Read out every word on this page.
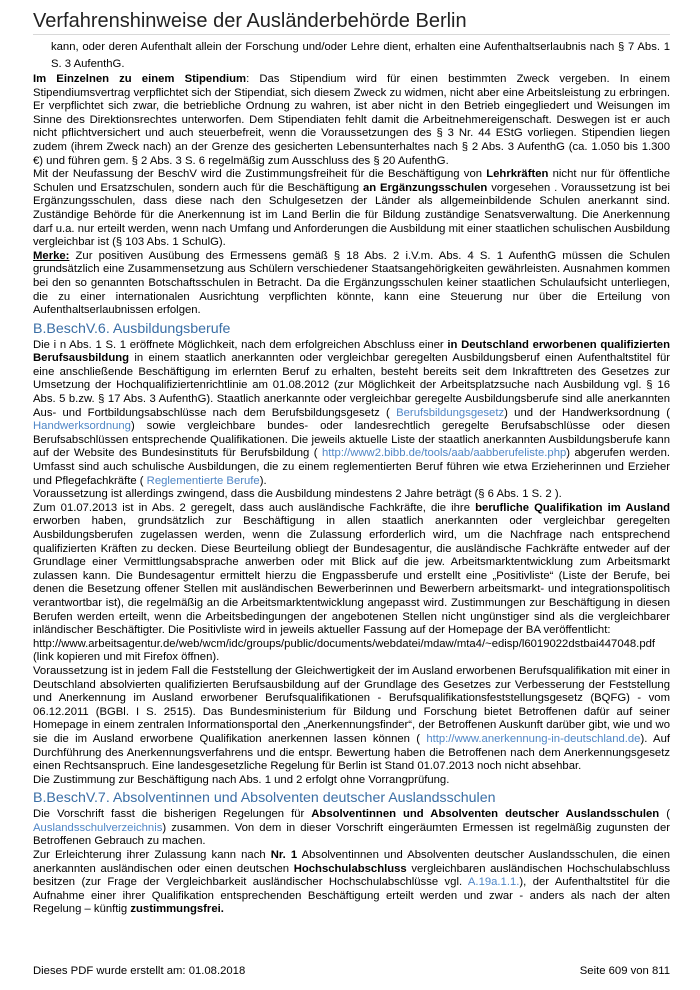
Verfahrenshinweise der Ausländerbehörde Berlin

kann, oder deren Aufenthalt allein der Forschung und/oder Lehre dient, erhalten eine Aufenthaltserlaubnis nach § 7 Abs. 1 S. 3 AufenthG.

Im Einzelnen zu einem Stipendium: Das Stipendium wird für einen bestimmten Zweck vergeben. In einem Stipendiumsvertrag verpflichtet sich der Stipendiat, sich diesem Zweck zu widmen, nicht aber eine Arbeitsleistung zu erbringen. Er verpflichtet sich zwar, die betriebliche Ordnung zu wahren, ist aber nicht in den Betrieb eingegliedert und Weisungen im Sinne des Direktionsrechtes unterworfen. Dem Stipendiaten fehlt damit die Arbeitnehmereigenschaft. Deswegen ist er auch nicht pflichtversichert und auch steuerbefreit, wenn die Voraussetzungen des § 3 Nr. 44 EStG vorliegen. Stipendien liegen zudem (ihrem Zweck nach) an der Grenze des gesicherten Lebensunterhaltes nach § 2 Abs. 3 AufenthG (ca. 1.050 bis 1.300 €) und führen gem. § 2 Abs. 3 S. 6 regelmäßig zum Ausschluss des § 20 AufenthG.

Mit der Neufassung der BeschV wird die Zustimmungsfreiheit für die Beschäftigung von Lehrkräften nicht nur für öffentliche Schulen und Ersatzschulen, sondern auch für die Beschäftigung an Ergänzungsschulen vorgesehen . Voraussetzung ist bei Ergänzungsschulen, dass diese nach den Schulgesetzen der Länder als allgemeinbildende Schulen anerkannt sind. Zuständige Behörde für die Anerkennung ist im Land Berlin die für Bildung zuständige Senatsverwaltung. Die Anerkennung darf u.a. nur erteilt werden, wenn nach Umfang und Anforderungen die Ausbildung mit einer staatlichen schulischen Ausbildung vergleichbar ist (§ 103 Abs. 1 SchulG).

Merke: Zur positiven Ausübung des Ermessens gemäß § 18 Abs. 2 i.V.m. Abs. 4 S. 1 AufenthG müssen die Schulen grundsätzlich eine Zusammensetzung aus Schülern verschiedener Staatsangehörigkeiten gewährleisten. Ausnahmen kommen bei den so genannten Botschaftsschulen in Betracht. Da die Ergänzungsschulen keiner staatlichen Schulaufsicht unterliegen, die zu einer internationalen Ausrichtung verpflichten könnte, kann eine Steuerung nur über die Erteilung von Aufenthaltserlaubnissen erfolgen.

B.BeschV.6. Ausbildungsberufe

Die i n Abs. 1 S. 1 eröffnete Möglichkeit, nach dem erfolgreichen Abschluss einer in Deutschland erworbenen qualifizierten Berufsausbildung in einem staatlich anerkannten oder vergleichbar geregelten Ausbildungsberuf einen Aufenthaltstitel für eine anschließende Beschäftigung im erlernten Beruf zu erhalten, besteht bereits seit dem Inkrafttreten des Gesetzes zur Umsetzung der Hochqualifiziertenrichtlinie am 01.08.2012 (zur Möglichkeit der Arbeitsplatzsuche nach Ausbildung vgl. § 16 Abs. 5 b.zw. § 17 Abs. 3 AufenthG). Staatlich anerkannte oder vergleichbar geregelte Ausbildungsberufe sind alle anerkannten Aus- und Fortbildungsabschlüsse nach dem Berufsbildungsgesetz ( Berufsbildungsgesetz) und der Handwerksordnung ( Handwerksordnung) sowie vergleichbare bundes- oder landesrechtlich geregelte Berufsabschlüsse oder diesen Berufsabschlüssen entsprechende Qualifikationen. Die jeweils aktuelle Liste der staatlich anerkannten Ausbildungsberufe kann auf der Website des Bundesinstituts für Berufsbildung ( http://www2.bibb.de/tools/aab/aabberufeliste.php) abgerufen werden. Umfasst sind auch schulische Ausbildungen, die zu einem reglementierten Beruf führen wie etwa Erzieherinnen und Erzieher und Pflegefachkräfte ( Reglementierte Berufe).

Voraussetzung ist allerdings zwingend, dass die Ausbildung mindestens 2 Jahre beträgt (§ 6 Abs. 1 S. 2 ).

Zum 01.07.2013 ist in Abs. 2 geregelt, dass auch ausländische Fachkräfte, die ihre berufliche Qualifikation im Ausland erworben haben, grundsätzlich zur Beschäftigung in allen staatlich anerkannten oder vergleichbar geregelten Ausbildungsberufen zugelassen werden, wenn die Zulassung erforderlich wird, um die Nachfrage nach entsprechend qualifizierten Kräften zu decken. Diese Beurteilung obliegt der Bundesagentur, die ausländische Fachkräfte entweder auf der Grundlage einer Vermittlungsabsprache anwerben oder mit Blick auf die jew. Arbeitsmarktentwicklung zum Arbeitsmarkt zulassen kann. Die Bundesagentur ermittelt hierzu die Engpassberufe und erstellt eine „Positivliste“ (Liste der Berufe, bei denen die Besetzung offener Stellen mit ausländischen Bewerberinnen und Bewerbern arbeitsmarkt- und integrationspolitisch verantwortbar ist), die regelmäßig an die Arbeitsmarktentwicklung angepasst wird. Zustimmungen zur Beschäftigung in diesen Berufen werden erteilt, wenn die Arbeitsbedingungen der angebotenen Stellen nicht ungünstiger sind als die vergleichbarer inländischer Beschäftigter. Die Positivliste wird in jeweils aktueller Fassung auf der Homepage der BA veröffentlicht:

http://www.arbeitsagentur.de/web/wcm/idc/groups/public/documents/webdatei/mdaw/mta4/~edisp/l6019022dstbai447048.pdf (link kopieren und mit Firefox öffnen).

Voraussetzung ist in jedem Fall die Feststellung der Gleichwertigkeit der im Ausland erworbenen Berufsqualifikation mit einer in Deutschland absolvierten qualifizierten Berufsausbildung auf der Grundlage des Gesetzes zur Verbesserung der Feststellung und Anerkennung im Ausland erworbener Berufsqualifikationen - Berufsqualifikationsfeststellungsgesetz (BQFG) - vom 06.12.2011 (BGBl. I S. 2515). Das Bundesministerium für Bildung und Forschung bietet Betroffenen dafür auf seiner Homepage in einem zentralen Informationsportal den „Anerkennungsfinder“, der Betroffenen Auskunft darüber gibt, wie und wo sie die im Ausland erworbene Qualifikation anerkennen lassen können ( http://www.anerkennung-in-deutschland.de). Auf Durchführung des Anerkennungsverfahrens und die entspr. Bewertung haben die Betroffenen nach dem Anerkennungsgesetz einen Rechtsanspruch. Eine landesgesetzliche Regelung für Berlin ist Stand 01.07.2013 noch nicht absehbar.

Die Zustimmung zur Beschäftigung nach Abs. 1 und 2 erfolgt ohne Vorrangprüfung.

B.BeschV.7. Absolventinnen und Absolventen deutscher Auslandsschulen

Die Vorschrift fasst die bisherigen Regelungen für Absolventinnen und Absolventen deutscher Auslandsschulen ( Auslandsschulverzeichnis) zusammen. Von dem in dieser Vorschrift eingeräumten Ermessen ist regelmäßig zugunsten der Betroffenen Gebrauch zu machen.

Zur Erleichterung ihrer Zulassung kann nach Nr. 1 Absolventinnen und Absolventen deutscher Auslandsschulen, die einen anerkannten ausländischen oder einen deutschen Hochschulabschluss vergleichbaren ausländischen Hochschulabschluss besitzen (zur Frage der Vergleichbarkeit ausländischer Hochschulabschlüsse vgl. A.19a.1.1.), der Aufenthaltstitel für die Aufnahme einer ihrer Qualifikation entsprechenden Beschäftigung erteilt werden und zwar - anders als nach der alten Regelung – künftig zustimmungsfrei.

Dieses PDF wurde erstellt am: 01.08.2018	Seite 609 von 811
